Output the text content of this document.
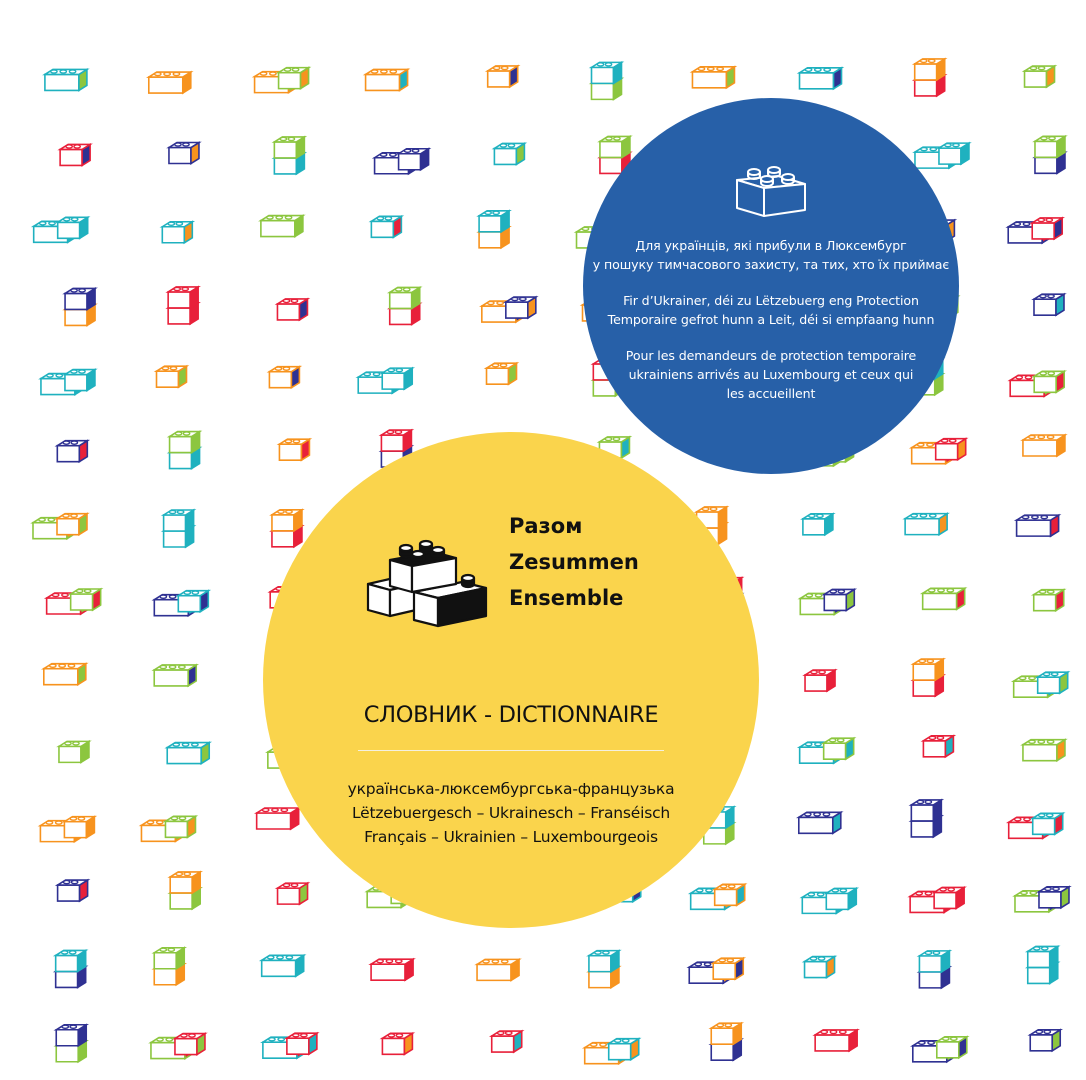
Для українців, які прибули в Люксембург
у пошуку тимчасового захисту, та тих, хто їх приймає

Fir d’Ukrainer, déi zu Lëtzebuerg eng Protection
Temporaire gefrot hunn a Leit, déi si empfaang hunn

Pour les demandeurs de protection temporaire
ukrainiens arrivés au Luxembourg et ceux qui
les accueillent

Разом
Zesummen
Ensemble
СЛОВНИК - DICTIONNAIRE
українська-люксембургська-французька
Lëtzebuergesch – Ukrainesch – Franséisch
Français – Ukrainien – Luxembourgeois
